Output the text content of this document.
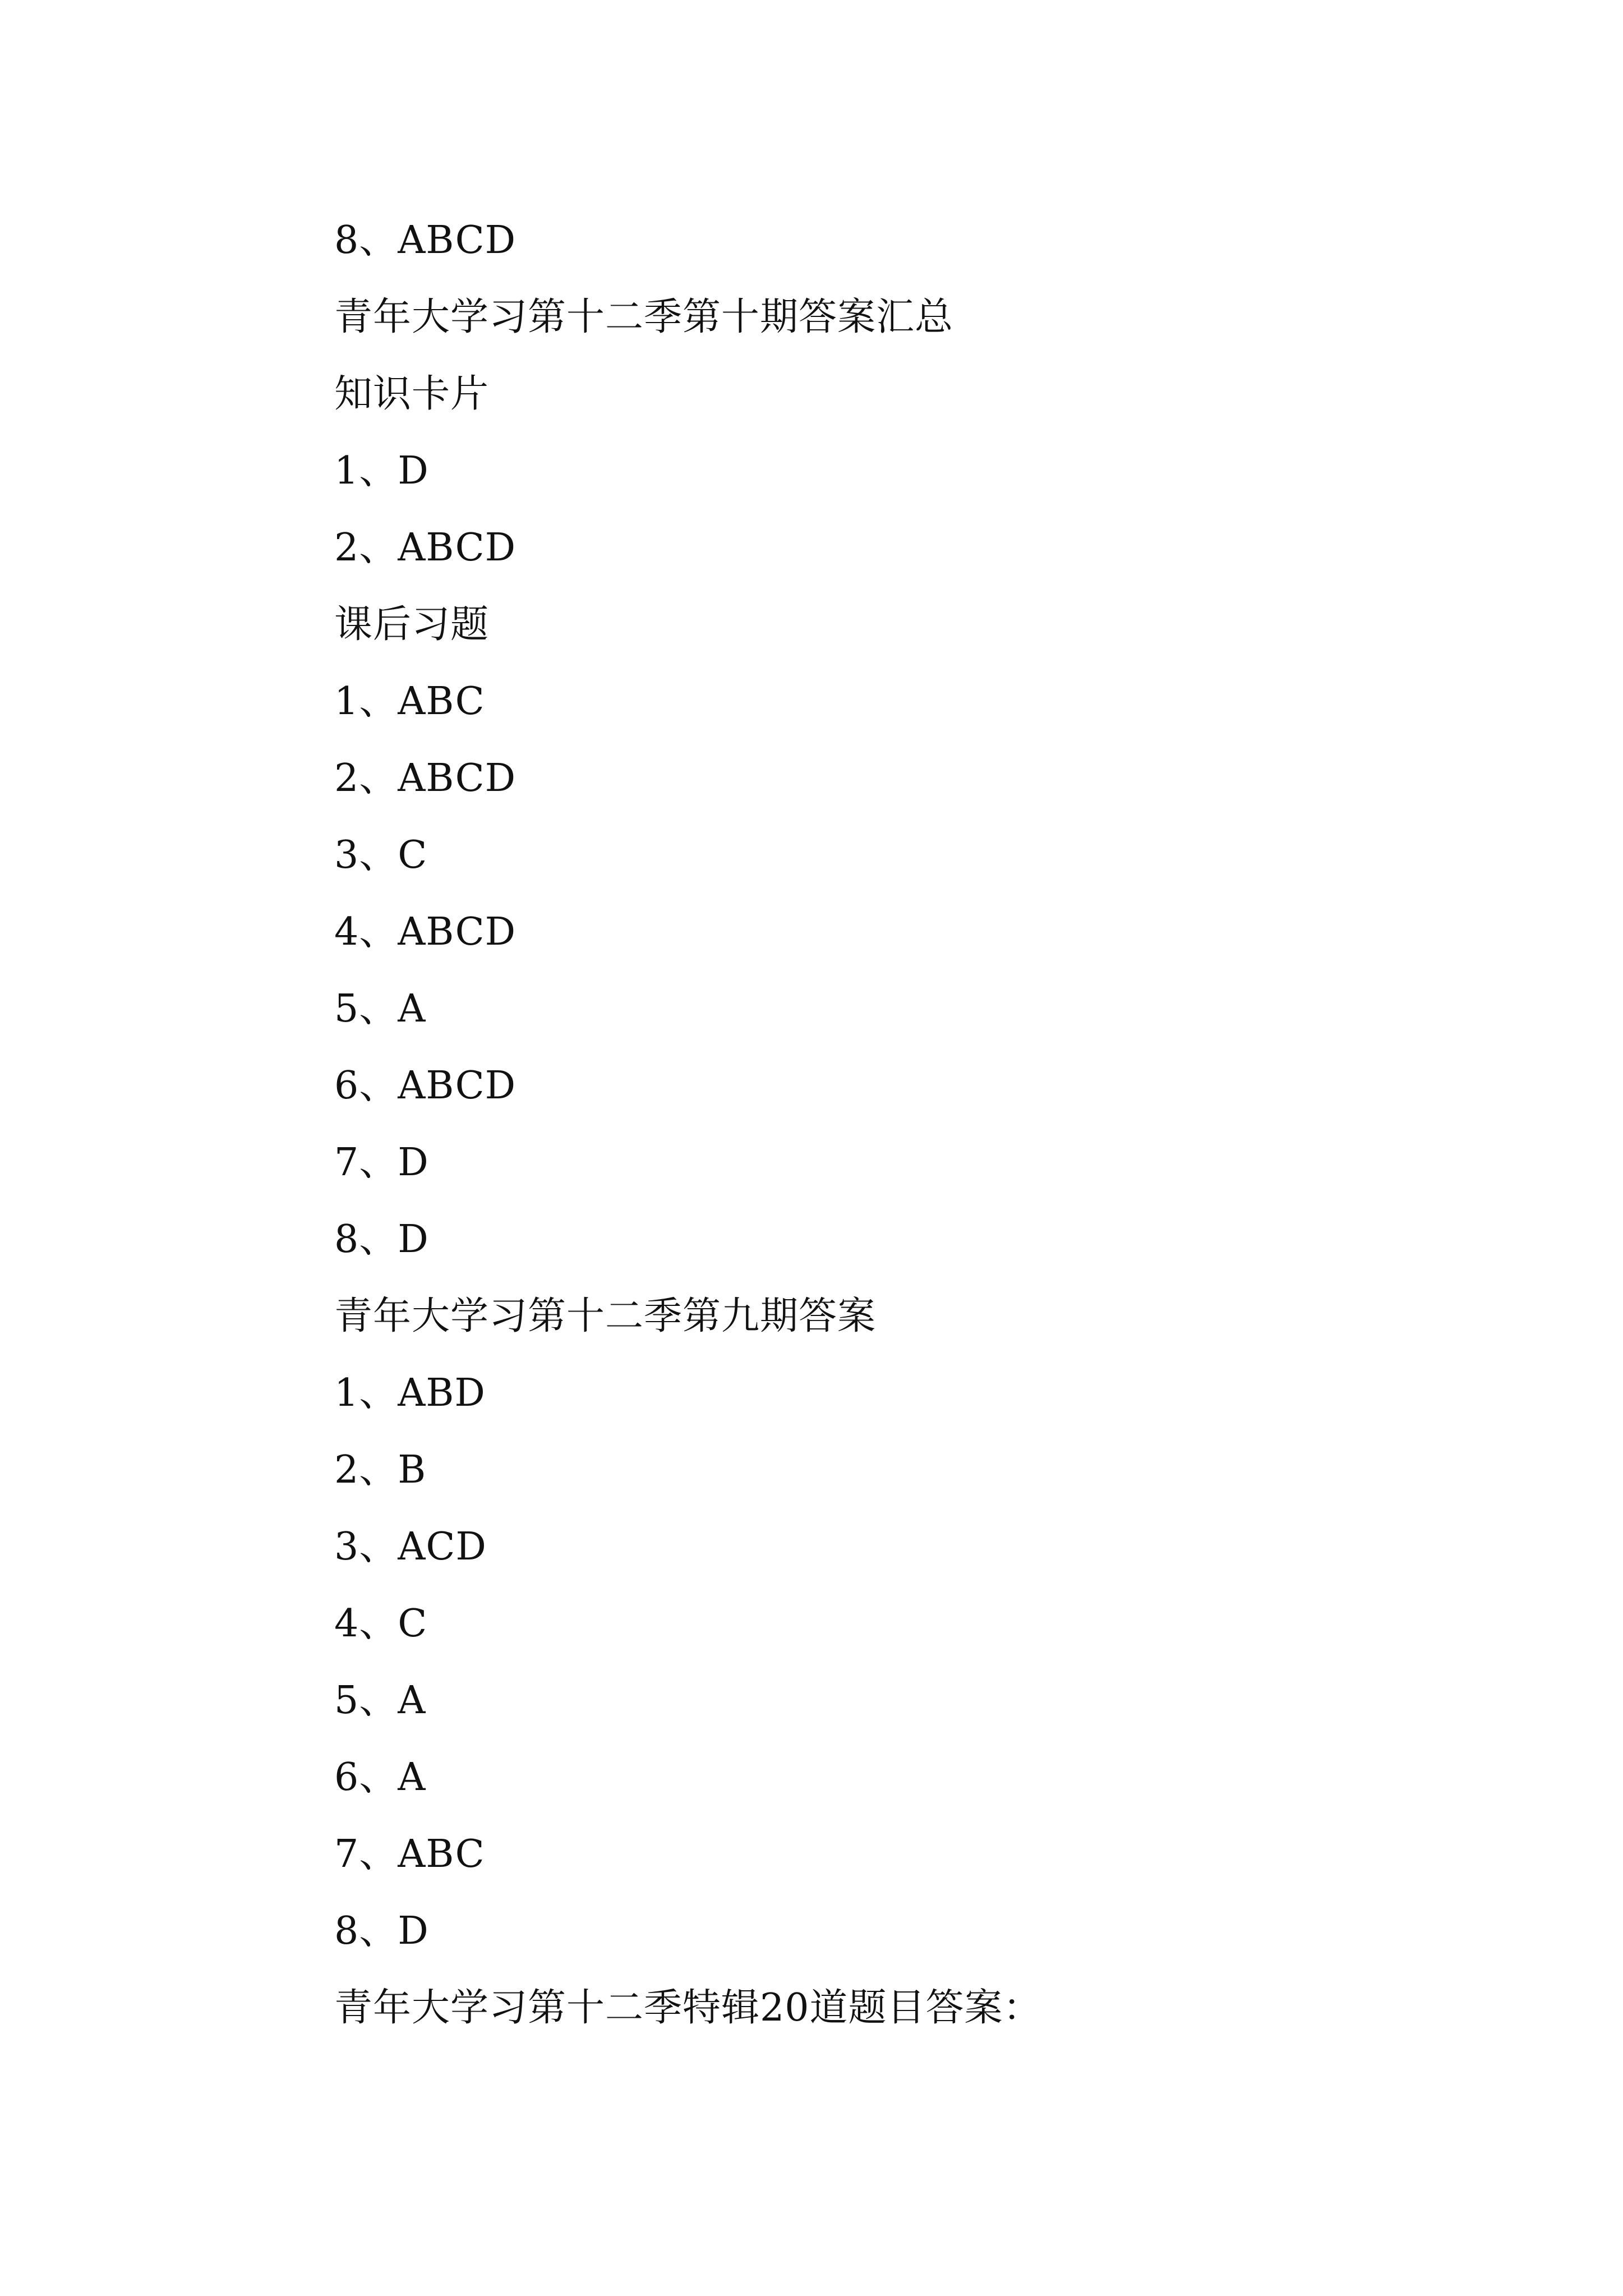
8、ABCD
青年大学习第十二季第十期答案汇总
知识卡片
1、D
2、ABCD
课后习题
1、ABC
2、ABCD
3、C
4、ABCD
5、A
6、ABCD
7、D
8、D
青年大学习第十二季第九期答案
1、ABD
2、B
3、ACD
4、C
5、A
6、A
7、ABC
8、D
青年大学习第十二季特辑20道题目答案：
